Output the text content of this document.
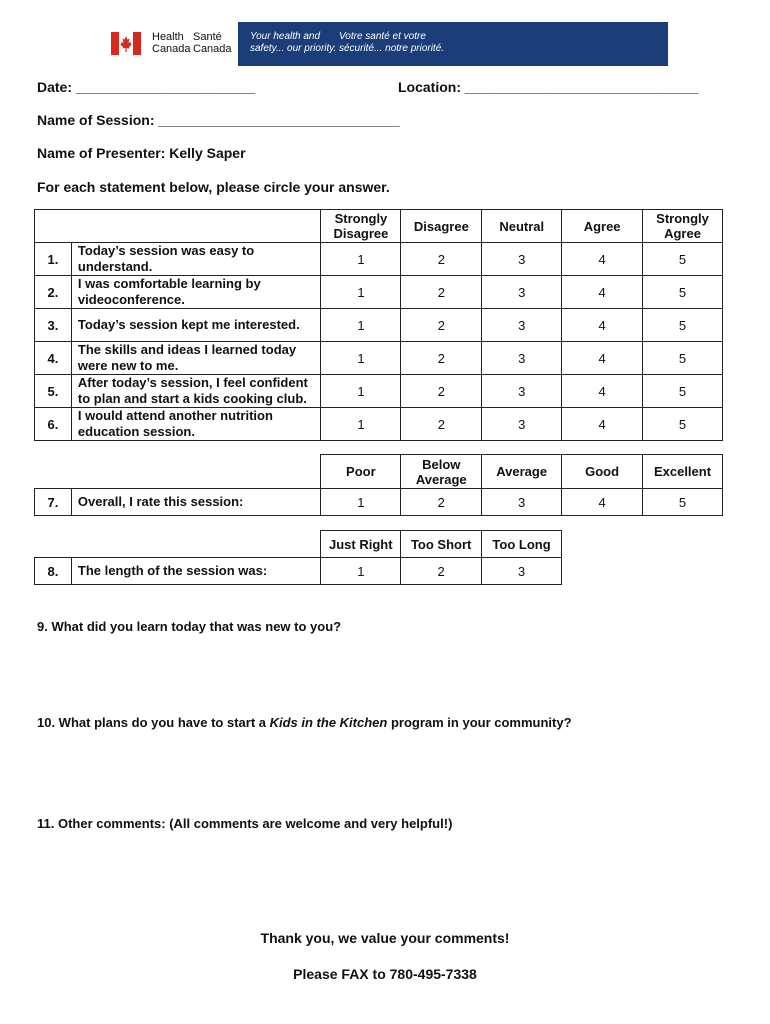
Health
Canada
Santé
Canada
Your health and
safety... our priority.
Votre santé et votre
sécurité... notre priorité.
Date: _______________________	Location: ______________________________
Name of Session: _______________________________
Name of Presenter: Kelly Saper
For each statement below, please circle your answer.
		Strongly Disagree	Disagree	Neutral	Agree	Strongly Agree
1.	Today’s session was easy to understand.	1	2	3	4	5
2.	I was comfortable learning by videoconference.	1	2	3	4	5
3.	Today’s session kept me interested.	1	2	3	4	5
4.	The skills and ideas I learned today were new to me.	1	2	3	4	5
5.	After today’s session, I feel confident to plan and start a kids cooking club.	1	2	3	4	5
6.	I would attend another nutrition education session.	1	2	3	4	5
		Poor	Below Average	Average	Good	Excellent
7.	Overall, I rate this session:	1	2	3	4	5
		Just Right	Too Short	Too Long
8.	The length of the session was:	1	2	3
9. What did you learn today that was new to you?
10. What plans do you have to start a Kids in the Kitchen program in your community?
11. Other comments: (All comments are welcome and very helpful!)
Thank you, we value your comments!
Please FAX to 780-495-7338
